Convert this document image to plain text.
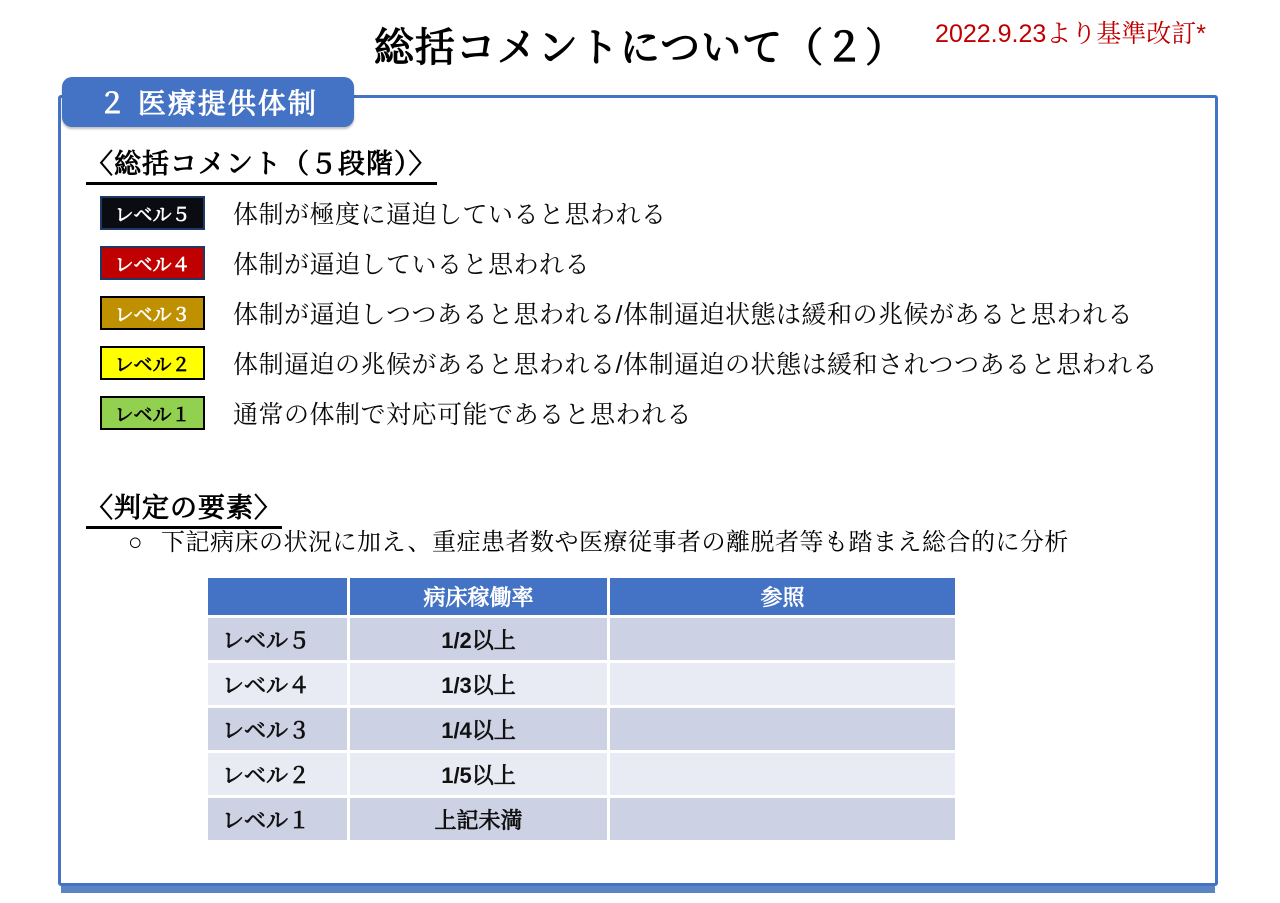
総括コメントについて（２）	2022.9.23より基準改訂*
２ 医療提供体制
〈総括コメント（５段階）〉
レベル５	体制が極度に逼迫していると思われる
レベル４	体制が逼迫していると思われる
レベル３	体制が逼迫しつつあると思われる/体制逼迫状態は緩和の兆候があると思われる
レベル２	体制逼迫の兆候があると思われる/体制逼迫の状態は緩和されつつあると思われる
レベル１	通常の体制で対応可能であると思われる
〈判定の要素〉
○ 下記病床の状況に加え、重症患者数や医療従事者の離脱者等も踏まえ総合的に分析
	病床稼働率	参照
レベル５	1/2以上	
レベル４	1/3以上	
レベル３	1/4以上	
レベル２	1/5以上	
レベル１	上記未満	
